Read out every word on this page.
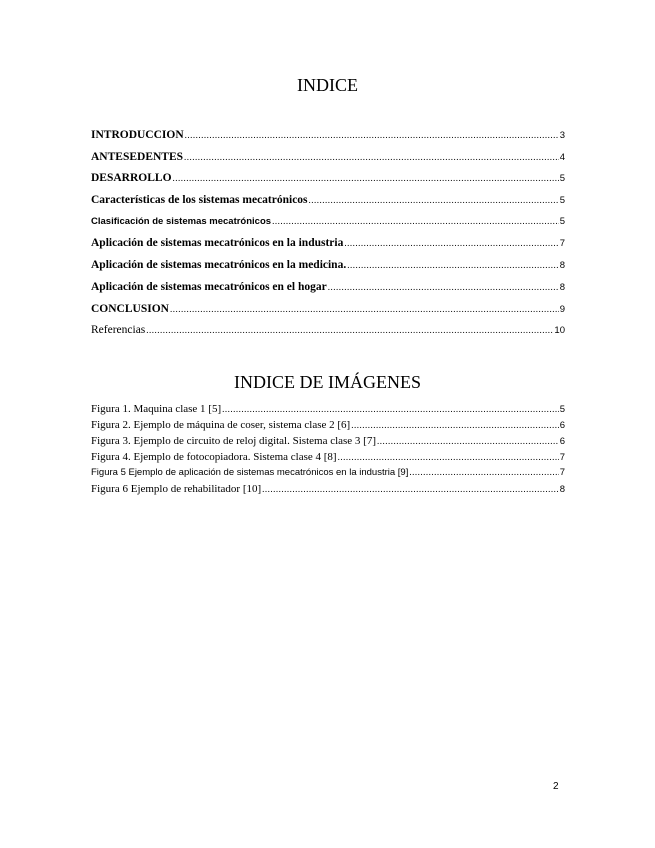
INDICE
INTRODUCCION .....	3
ANTESEDENTES .....	4
DESARROLLO .....	5
Características de los sistemas mecatrónicos .....	5
Clasificación de sistemas mecatrónicos .....	5
Aplicación de sistemas mecatrónicos en la industria .....	7
Aplicación de sistemas mecatrónicos en la medicina. .....	8
Aplicación de sistemas mecatrónicos en el hogar .....	8
CONCLUSION .....	9
Referencias .....	10
INDICE DE IMÁGENES
Figura 1. Maquina clase 1 [5] .....	5
Figura 2. Ejemplo de máquina de coser, sistema clase 2 [6] .....	6
Figura 3. Ejemplo de circuito de reloj digital. Sistema clase 3 [7] .....	6
Figura 4. Ejemplo de fotocopiadora. Sistema clase 4 [8] .....	7
Figura 5 Ejemplo de aplicación de sistemas mecatrónicos en la industria [9] .....	7
Figura 6 Ejemplo de rehabilitador [10] .....	8
2
